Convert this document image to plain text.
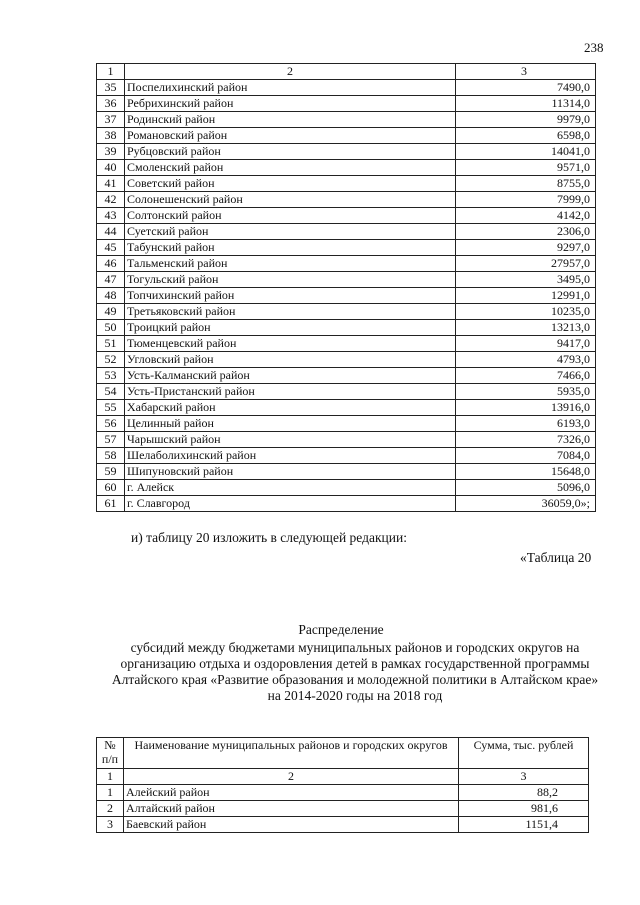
238
1	2	3
35	Поспелихинский район	7490,0
36	Ребрихинский район	11314,0
37	Родинский район	9979,0
38	Романовский район	6598,0
39	Рубцовский район	14041,0
40	Смоленский район	9571,0
41	Советский район	8755,0
42	Солонешенский район	7999,0
43	Солтонский район	4142,0
44	Суетский район	2306,0
45	Табунский район	9297,0
46	Тальменский район	27957,0
47	Тогульский район	3495,0
48	Топчихинский район	12991,0
49	Третьяковский район	10235,0
50	Троицкий район	13213,0
51	Тюменцевский район	9417,0
52	Угловский район	4793,0
53	Усть-Калманский район	7466,0
54	Усть-Пристанский район	5935,0
55	Хабарский район	13916,0
56	Целинный район	6193,0
57	Чарышский район	7326,0
58	Шелаболихинский район	7084,0
59	Шипуновский район	15648,0
60	г. Алейск	5096,0
61	г. Славгород	36059,0»;
и) таблицу 20 изложить в следующей редакции:
«Таблица 20
Распределение
субсидий между бюджетами муниципальных районов и городских округов на организацию отдыха и оздоровления детей в рамках государственной программы Алтайского края «Развитие образования и молодежной политики в Алтайском крае» на 2014-2020 годы на 2018 год
№ п/п	Наименование муниципальных районов и городских округов	Сумма, тыс. рублей
1	2	3
1	Алейский район	88,2
2	Алтайский район	981,6
3	Баевский район	1151,4
